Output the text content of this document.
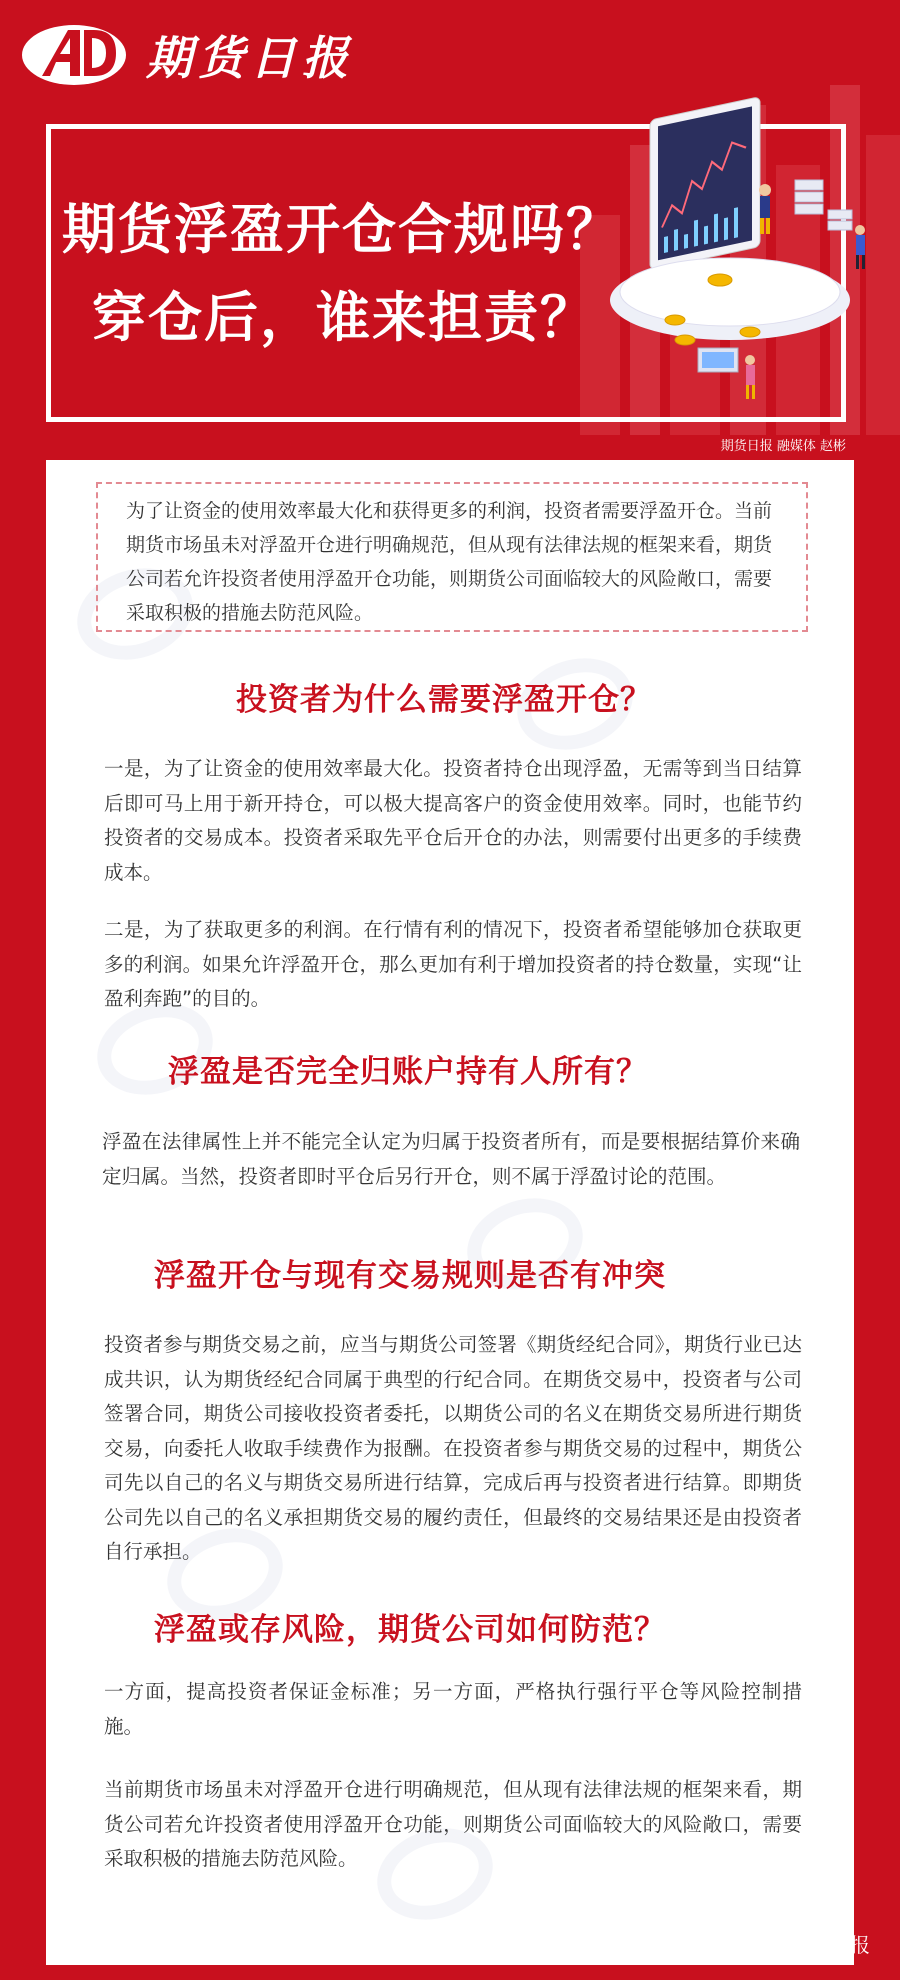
期货日报
期货浮盈开仓合规吗？
穿仓后，谁来担责？
期货日报 融媒体 赵彬
为了让资金的使用效率最大化和获得更多的利润，投资者需要浮盈开仓。当前期货市场虽未对浮盈开仓进行明确规范，但从现有法律法规的框架来看，期货公司若允许投资者使用浮盈开仓功能，则期货公司面临较大的风险敞口，需要采取积极的措施去防范风险。
投资者为什么需要浮盈开仓？
一是，为了让资金的使用效率最大化。投资者持仓出现浮盈，无需等到当日结算后即可马上用于新开持仓，可以极大提高客户的资金使用效率。同时，也能节约投资者的交易成本。投资者采取先平仓后开仓的办法，则需要付出更多的手续费成本。
二是，为了获取更多的利润。在行情有利的情况下，投资者希望能够加仓获取更多的利润。如果允许浮盈开仓，那么更加有利于增加投资者的持仓数量，实现“让盈利奔跑”的目的。
浮盈是否完全归账户持有人所有？
浮盈在法律属性上并不能完全认定为归属于投资者所有，而是要根据结算价来确定归属。当然，投资者即时平仓后另行开仓，则不属于浮盈讨论的范围。
浮盈开仓与现有交易规则是否有冲突
投资者参与期货交易之前，应当与期货公司签署《期货经纪合同》，期货行业已达成共识，认为期货经纪合同属于典型的行纪合同。在期货交易中，投资者与公司签署合同，期货公司接收投资者委托，以期货公司的名义在期货交易所进行期货交易，向委托人收取手续费作为报酬。在投资者参与期货交易的过程中，期货公司先以自己的名义与期货交易所进行结算，完成后再与投资者进行结算。即期货公司先以自己的名义承担期货交易的履约责任，但最终的交易结果还是由投资者自行承担。
浮盈或存风险，期货公司如何防范？
一方面，提高投资者保证金标准；另一方面，严格执行强行平仓等风险控制措施。
当前期货市场虽未对浮盈开仓进行明确规范，但从现有法律法规的框架来看，期货公司若允许投资者使用浮盈开仓功能，则期货公司面临较大的风险敞口，需要采取积极的措施去防范风险。
期货日报
